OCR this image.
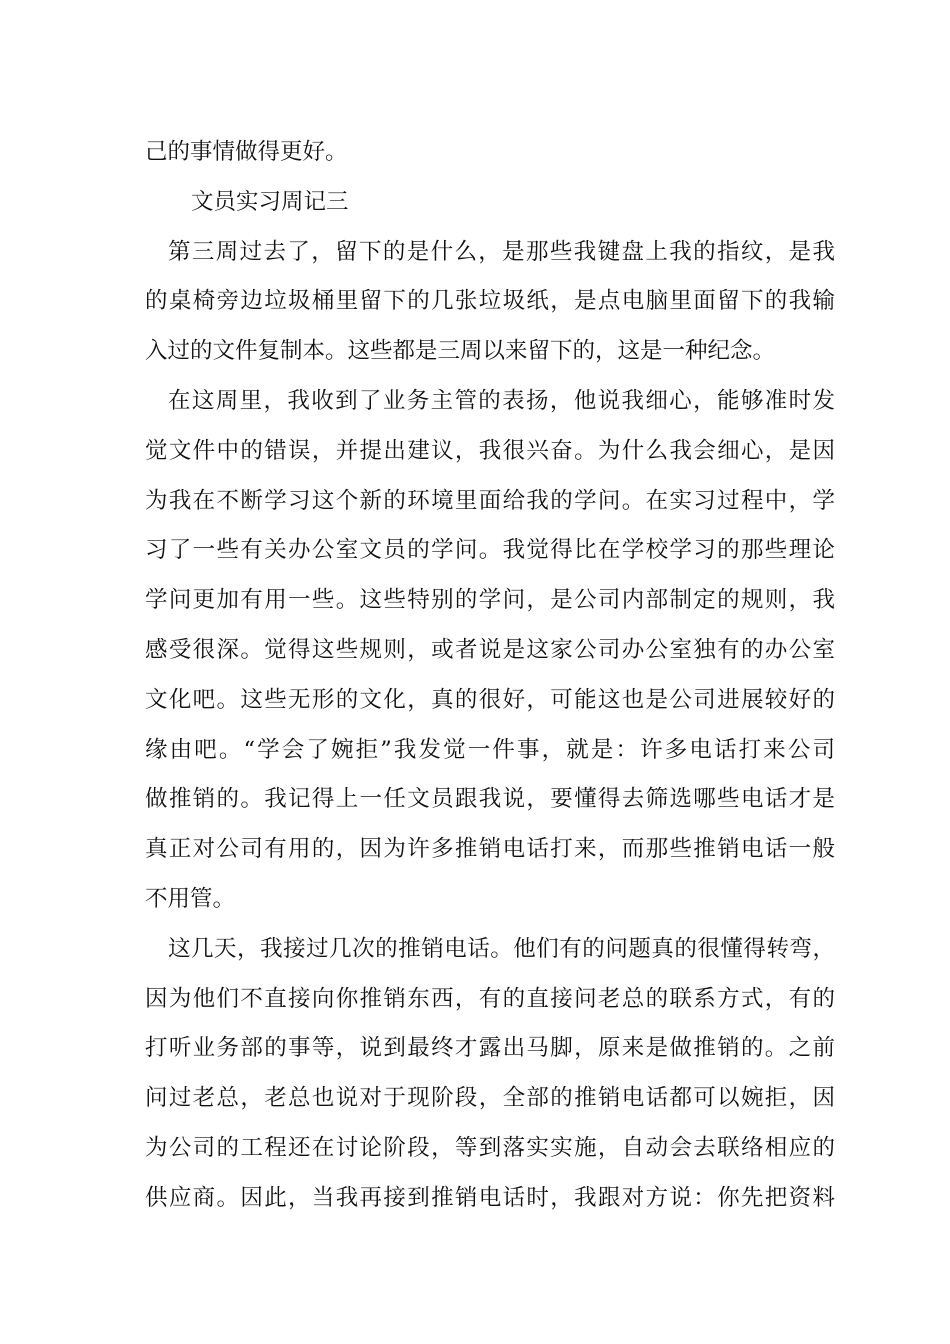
己的事情做得更好。
文员实习周记三
第三周过去了，留下的是什么，是那些我键盘上我的指纹，是我
的桌椅旁边垃圾桶里留下的几张垃圾纸，是点电脑里面留下的我输
入过的文件复制本。这些都是三周以来留下的，这是一种纪念。
在这周里，我收到了业务主管的表扬，他说我细心，能够准时发
觉文件中的错误，并提出建议，我很兴奋。为什么我会细心，是因
为我在不断学习这个新的环境里面给我的学问。在实习过程中，学
习了一些有关办公室文员的学问。我觉得比在学校学习的那些理论
学问更加有用一些。这些特别的学问，是公司内部制定的规则，我
感受很深。觉得这些规则，或者说是这家公司办公室独有的办公室
文化吧。这些无形的文化，真的很好，可能这也是公司进展较好的
缘由吧。“学会了婉拒”我发觉一件事，就是：许多电话打来公司
做推销的。我记得上一任文员跟我说，要懂得去筛选哪些电话才是
真正对公司有用的，因为许多推销电话打来，而那些推销电话一般
不用管。
这几天，我接过几次的推销电话。他们有的问题真的很懂得转弯，
因为他们不直接向你推销东西，有的直接问老总的联系方式，有的
打听业务部的事等，说到最终才露出马脚，原来是做推销的。之前
问过老总，老总也说对于现阶段，全部的推销电话都可以婉拒，因
为公司的工程还在讨论阶段，等到落实实施，自动会去联络相应的
供应商。因此，当我再接到推销电话时，我跟对方说：你先把资料
